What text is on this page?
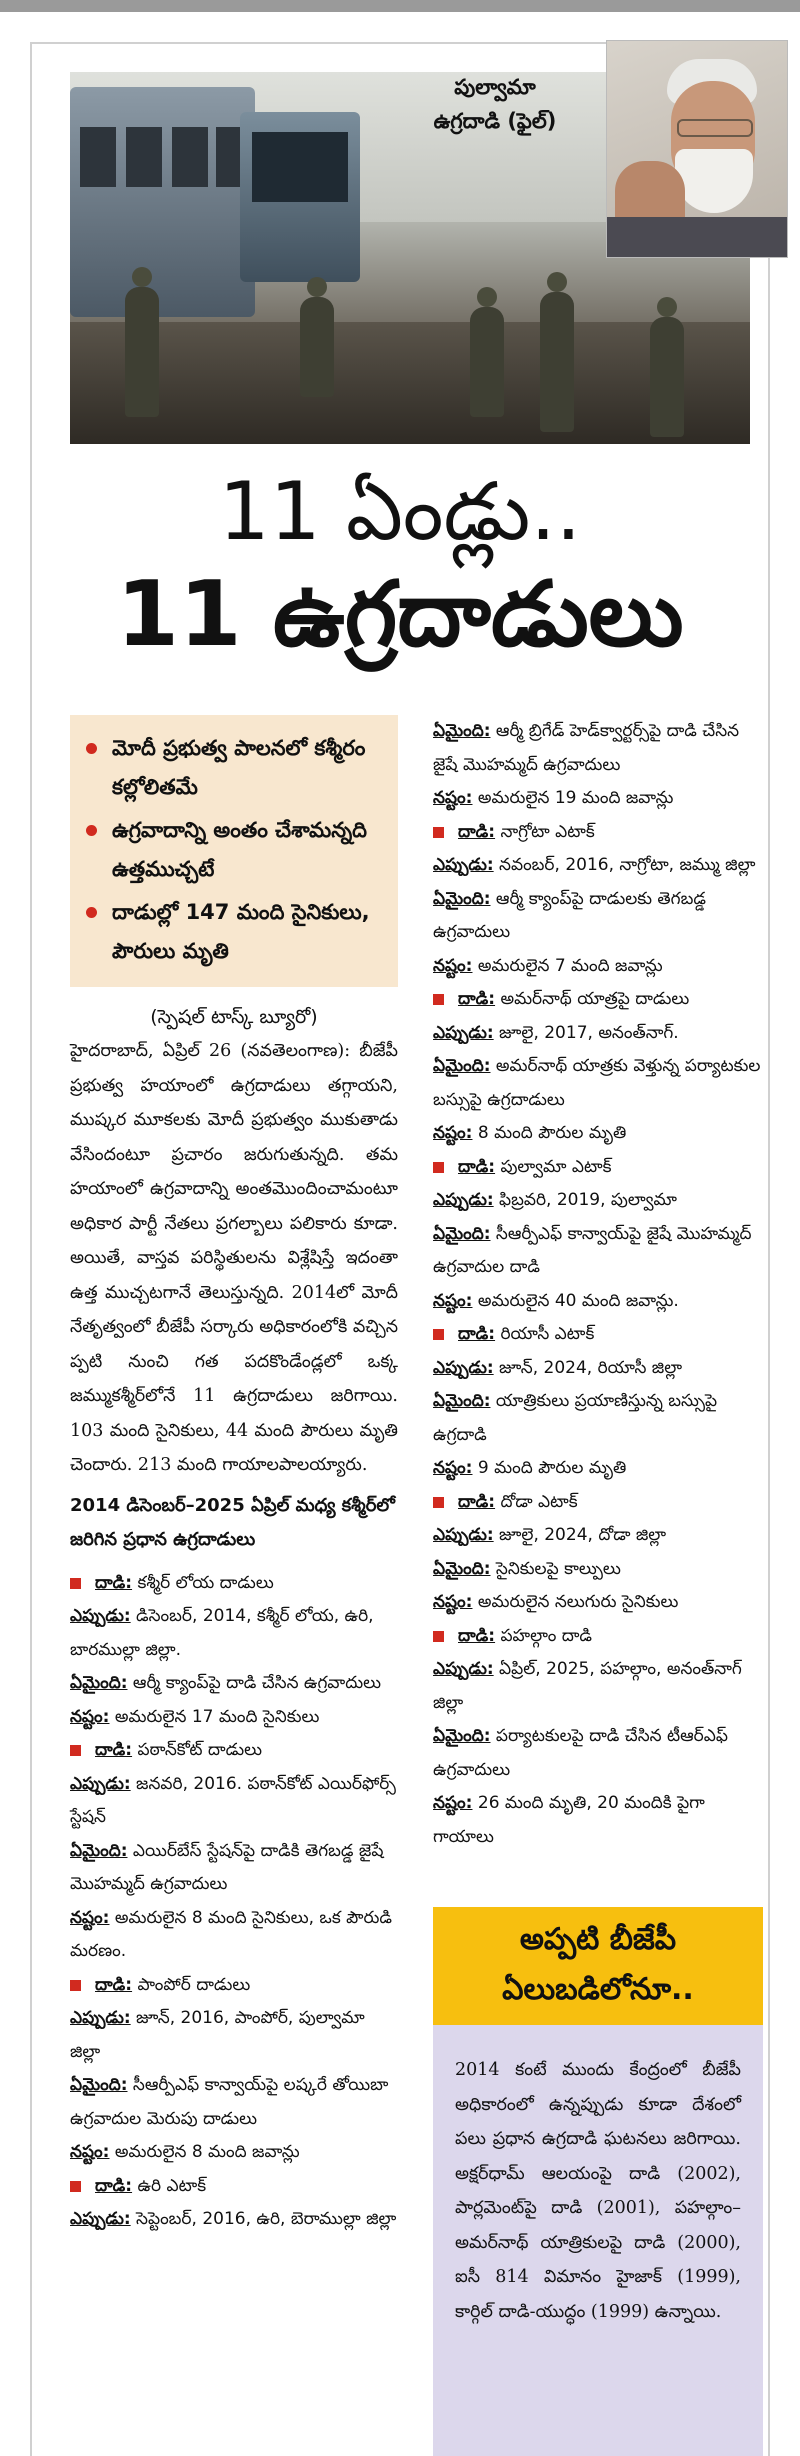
పుల్వామా
ఉగ్రదాడి (ఫైల్)
11 ఏండ్లు..
11 ఉగ్రదాడులు
మోదీ ప్రభుత్వ పాలనలో కశ్మీరం కల్లోలితమే
ఉగ్రవాదాన్ని అంతం చేశామన్నది ఉత్తముచ్చటే
దాడుల్లో 147 మంది సైనికులు, పౌరులు మృతి

(స్పెషల్ టాస్క్ బ్యూరో)

హైదరాబాద్, ఏప్రిల్ 26 (నవతెలంగాణ): బీజేపీ ప్రభుత్వ హయాంలో ఉగ్రదాడులు తగ్గాయని, ముష్కర మూకలకు మోదీ ప్రభుత్వం ముకుతాడు వేసిందంటూ ప్రచారం జరుగుతున్నది. తమ హయాంలో ఉగ్రవాదాన్ని అంతమొందించామంటూ అధికార పార్టీ నేతలు ప్రగల్బాలు పలికారు కూడా. అయితే, వాస్తవ పరిస్థితులను విశ్లేషిస్తే ఇదంతా ఉత్త ముచ్చటగానే తెలుస్తున్నది. 2014లో మోదీ నేతృత్వంలో బీజేపీ సర్కారు అధికారంలోకి వచ్చిన ప్పటి నుంచి గత పదకొండేండ్లలో ఒక్క జమ్ముకశ్మీర్‌లోనే 11 ఉగ్రదాడులు జరిగాయి. 103 మంది సైనికులు, 44 మంది పౌరులు మృతి చెందారు. 213 మంది గాయాలపాలయ్యారు.

2014 డిసెంబర్–2025 ఏప్రిల్ మధ్య కశ్మీర్‌లో జరిగిన ప్రధాన ఉగ్రదాడులు
దాడి:
కశ్మీర్ లోయ దాడులు
ఎప్పుడు: డిసెంబర్, 2014, కశ్మీర్ లోయ, ఉరి, బారముల్లా జిల్లా.
ఏమైంది: ఆర్మీ క్యాంప్‌పై దాడి చేసిన ఉగ్రవాదులు
నష్టం: అమరులైన 17 మంది సైనికులు
దాడి:
పఠాన్‌కోట్ దాడులు
ఎప్పుడు: జనవరి, 2016. పఠాన్‌కోట్ ఎయిర్‌ఫోర్స్ స్టేషన్
ఏమైంది: ఎయిర్‌బేస్ స్టేషన్‌పై దాడికి తెగబడ్డ జైషే మొహమ్మద్ ఉగ్రవాదులు
నష్టం: అమరులైన 8 మంది సైనికులు, ఒక పౌరుడి మరణం.
దాడి:
పాంపోర్ దాడులు
ఎప్పుడు: జూన్, 2016, పాంపోర్, పుల్వామా జిల్లా
ఏమైంది: సీఆర్పీఎఫ్ కాన్వాయ్‌పై లష్కరే తోయిబా ఉగ్రవాదుల మెరుపు దాడులు
నష్టం: అమరులైన 8 మంది జవాన్లు
దాడి:
ఉరి ఎటాక్
ఎప్పుడు: సెప్టెంబర్, 2016, ఉరి, బెరాముల్లా జిల్లా
ఏమైంది: ఆర్మీ బ్రిగేడ్ హెడ్‌క్వార్టర్స్‌పై దాడి చేసిన జైషే మొహమ్మద్ ఉగ్రవాదులు
నష్టం: అమరులైన 19 మంది జవాన్లు
దాడి:
నాగ్రోటా ఎటాక్
ఎప్పుడు: నవంబర్, 2016, నాగ్రోటా, జమ్ము జిల్లా
ఏమైంది: ఆర్మీ క్యాంప్‌పై దాడులకు తెగబడ్డ ఉగ్రవాదులు
నష్టం: అమరులైన 7 మంది జవాన్లు
దాడి:
అమర్‌నాథ్ యాత్రపై దాడులు
ఎప్పుడు: జూలై, 2017, అనంత్‌నాగ్.
ఏమైంది: అమర్‌నాథ్ యాత్రకు వెళ్తున్న పర్యాటకుల బస్సుపై ఉగ్రదాడులు
నష్టం: 8 మంది పౌరుల మృతి
దాడి:
పుల్వామా ఎటాక్
ఎప్పుడు: ఫిబ్రవరి, 2019, పుల్వామా
ఏమైంది: సీఆర్పీఎఫ్ కాన్వాయ్‌పై జైషే మొహమ్మద్ ఉగ్రవాదుల దాడి
నష్టం: అమరులైన 40 మంది జవాన్లు.
దాడి:
రియాసీ ఎటాక్
ఎప్పుడు: జూన్, 2024, రియాసీ జిల్లా
ఏమైంది: యాత్రికులు ప్రయాణిస్తున్న బస్సుపై ఉగ్రదాడి
నష్టం: 9 మంది పౌరుల మృతి
దాడి:
దోడా ఎటాక్
ఎప్పుడు: జూలై, 2024, దోడా జిల్లా
ఏమైంది: సైనికులపై కాల్పులు
నష్టం: అమరులైన నలుగురు సైనికులు
దాడి:
పహల్గాం దాడి
ఎప్పుడు: ఏప్రిల్, 2025, పహల్గాం, అనంత్‌నాగ్ జిల్లా
ఏమైంది: పర్యాటకులపై దాడి చేసిన టీఆర్ఎఫ్ ఉగ్రవాదులు
నష్టం: 26 మంది మృతి, 20 మందికి పైగా గాయాలు
అప్పటి బీజేపీ
ఏలుబడిలోనూ..

2014 కంటే ముందు కేంద్రంలో బీజేపీ అధికారంలో ఉన్నప్పుడు కూడా దేశంలో పలు ప్రధాన ఉగ్రదాడి ఘటనలు జరిగాయి. అక్షర్‌ధామ్ ఆలయంపై దాడి (2002), పార్లమెంట్‌పై దాడి (2001), పహల్గాం–అమర్‌నాథ్ యాత్రికులపై దాడి (2000), ఐసీ 814 విమానం హైజాక్ (1999), కార్గిల్ దాడి-యుద్ధం (1999) ఉన్నాయి.
